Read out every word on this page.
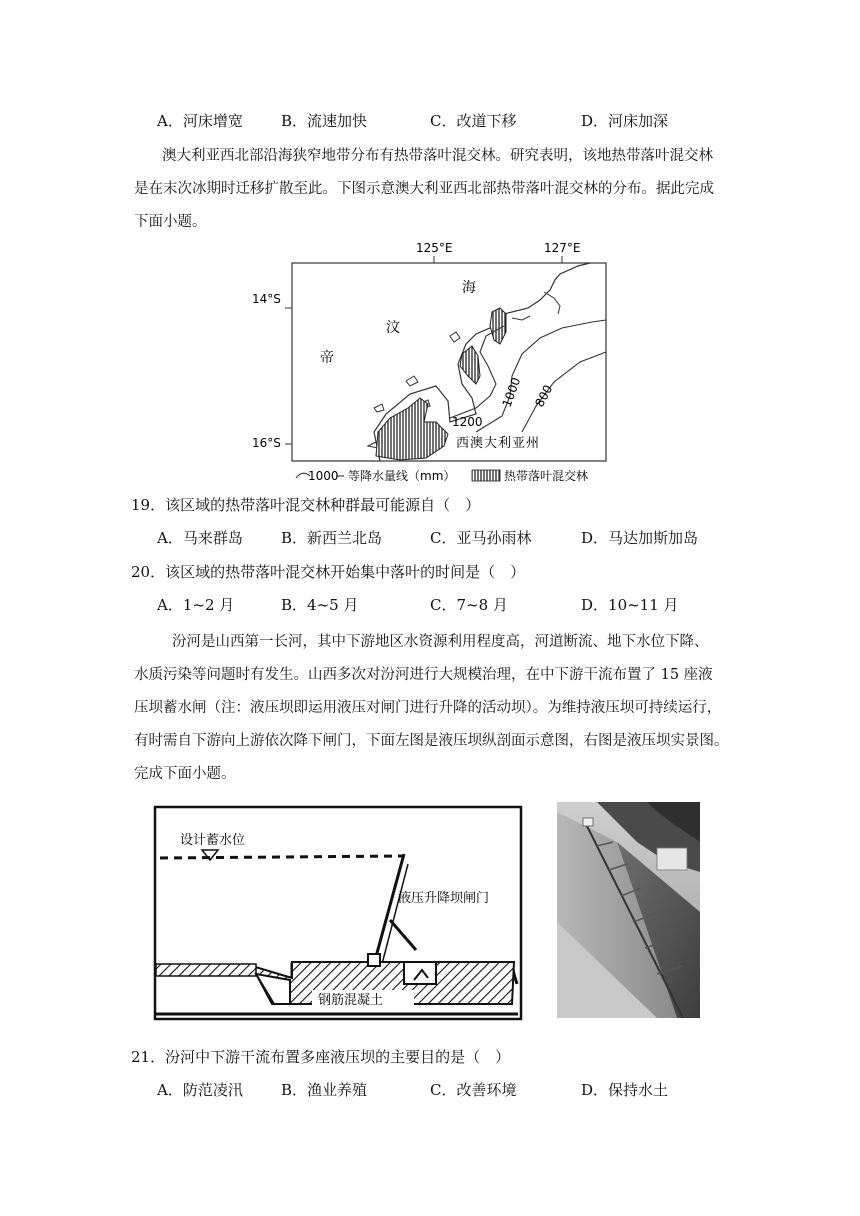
A．河床增宽	B．流速加快	C．改道下移	D．河床加深
澳大利亚西北部沿海狭窄地带分布有热带落叶混交林。研究表明，该地热带落叶混交林
是在末次冰期时迁移扩散至此。下图示意澳大利亚西北部热带落叶混交林的分布。据此完成
下面小题。
125°E	127°E
14°S
16°S
帝
汶
海
1200
1000 800
西澳大利亚州
1000 等降水量线（mm）	热带落叶混交林
19．该区域的热带落叶混交林种群最可能源自（　）
A．马来群岛	B．新西兰北岛	C．亚马孙雨林	D．马达加斯加岛
20．该区域的热带落叶混交林开始集中落叶的时间是（　）
A．1~2 月	B．4~5 月	C．7~8 月	D．10~11 月
汾河是山西第一长河，其中下游地区水资源利用程度高，河道断流、地下水位下降、
水质污染等问题时有发生。山西多次对汾河进行大规模治理，在中下游干流布置了 15 座液
压坝蓄水闸（注：液压坝即运用液压对闸门进行升降的活动坝）。为维持液压坝可持续运行，
有时需自下游向上游依次降下闸门，下面左图是液压坝纵剖面示意图，右图是液压坝实景图。
完成下面小题。
设计蓄水位
液压升降坝闸门
钢筋混凝土
21．汾河中下游干流布置多座液压坝的主要目的是（　）
A．防范凌汛	B．渔业养殖	C．改善环境	D．保持水土
